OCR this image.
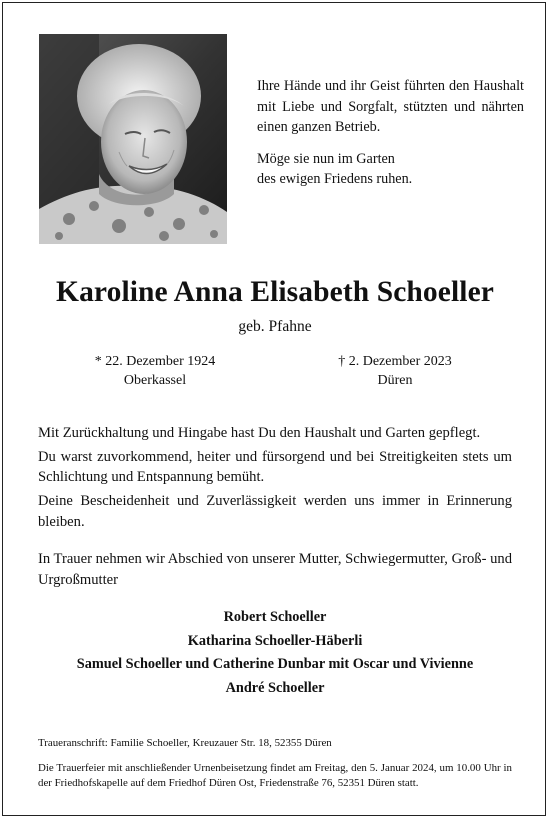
Ihre Hände und ihr Geist führten den Haushalt mit Liebe und Sorgfalt, stützten und nährten einen ganzen Betrieb.

Möge sie nun im Garten
des ewigen Friedens ruhen.

Karoline Anna Elisabeth Schoeller
geb. Pfahne
* 22. Dezember 1924
Oberkassel
† 2. Dezember 2023
Düren

Mit Zurückhaltung und Hingabe hast Du den Haushalt und Garten gepflegt.

Du warst zuvorkommend, heiter und fürsorgend und bei Streitigkeiten stets um Schlichtung und Entspannung bemüht.

Deine Bescheidenheit und Zuverlässigkeit werden uns immer in Erinnerung bleiben.

In Trauer nehmen wir Abschied von unserer Mutter, Schwiegermutter, Groß- und Urgroßmutter

Robert Schoeller
Katharina Schoeller-Häberli
Samuel Schoeller und Catherine Dunbar mit Oscar und Vivienne
André Schoeller
Traueranschrift: Familie Schoeller, Kreuzauer Str. 18, 52355 Düren
Die Trauerfeier mit anschließender Urnenbeisetzung findet am Freitag, den 5. Januar 2024, um 10.00 Uhr in der Friedhofskapelle auf dem Friedhof Düren Ost, Friedenstraße 76, 52351 Düren statt.
